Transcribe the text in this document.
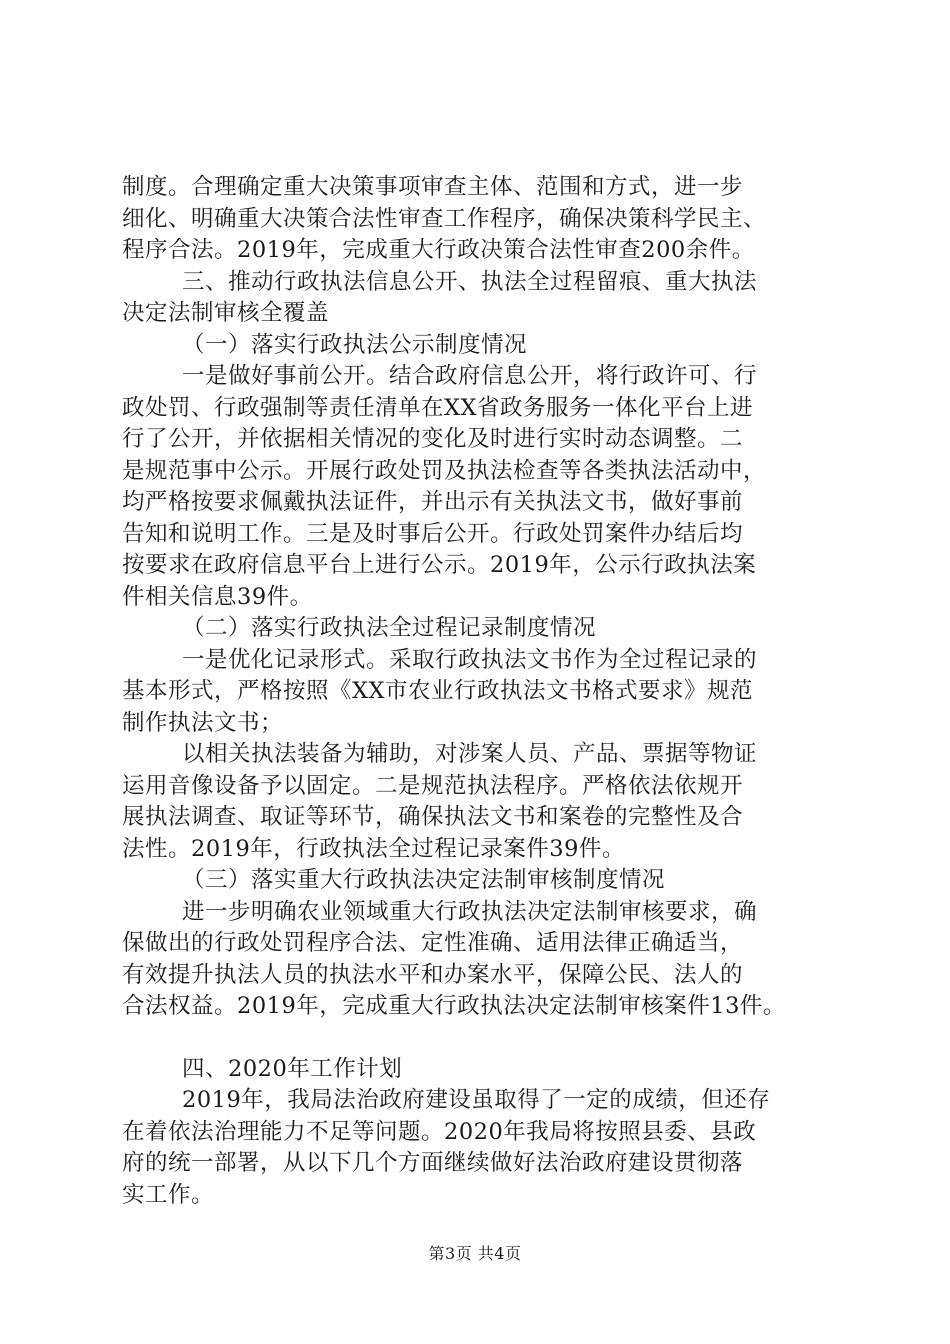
制度。合理确定重大决策事项审查主体、范围和方式，进一步
细化、明确重大决策合法性审查工作程序，确保决策科学民主、
程序合法。2019年，完成重大行政决策合法性审查200余件。
三、推动行政执法信息公开、执法全过程留痕、重大执法
决定法制审核全覆盖
（一）落实行政执法公示制度情况
一是做好事前公开。结合政府信息公开，将行政许可、行
政处罚、行政强制等责任清单在XX省政务服务一体化平台上进
行了公开，并依据相关情况的变化及时进行实时动态调整。二
是规范事中公示。开展行政处罚及执法检查等各类执法活动中，
均严格按要求佩戴执法证件，并出示有关执法文书，做好事前
告知和说明工作。三是及时事后公开。行政处罚案件办结后均
按要求在政府信息平台上进行公示。2019年，公示行政执法案
件相关信息39件。
（二）落实行政执法全过程记录制度情况
一是优化记录形式。采取行政执法文书作为全过程记录的
基本形式，严格按照《XX市农业行政执法文书格式要求》规范
制作执法文书；
以相关执法装备为辅助，对涉案人员、产品、票据等物证
运用音像设备予以固定。二是规范执法程序。严格依法依规开
展执法调查、取证等环节，确保执法文书和案卷的完整性及合
法性。2019年，行政执法全过程记录案件39件。
（三）落实重大行政执法决定法制审核制度情况
进一步明确农业领域重大行政执法决定法制审核要求，确
保做出的行政处罚程序合法、定性准确、适用法律正确适当，
有效提升执法人员的执法水平和办案水平，保障公民、法人的
合法权益。2019年，完成重大行政执法决定法制审核案件13件。
四、2020年工作计划
2019年，我局法治政府建设虽取得了一定的成绩，但还存
在着依法治理能力不足等问题。2020年我局将按照县委、县政
府的统一部署，从以下几个方面继续做好法治政府建设贯彻落
实工作。
第3页 共4页
